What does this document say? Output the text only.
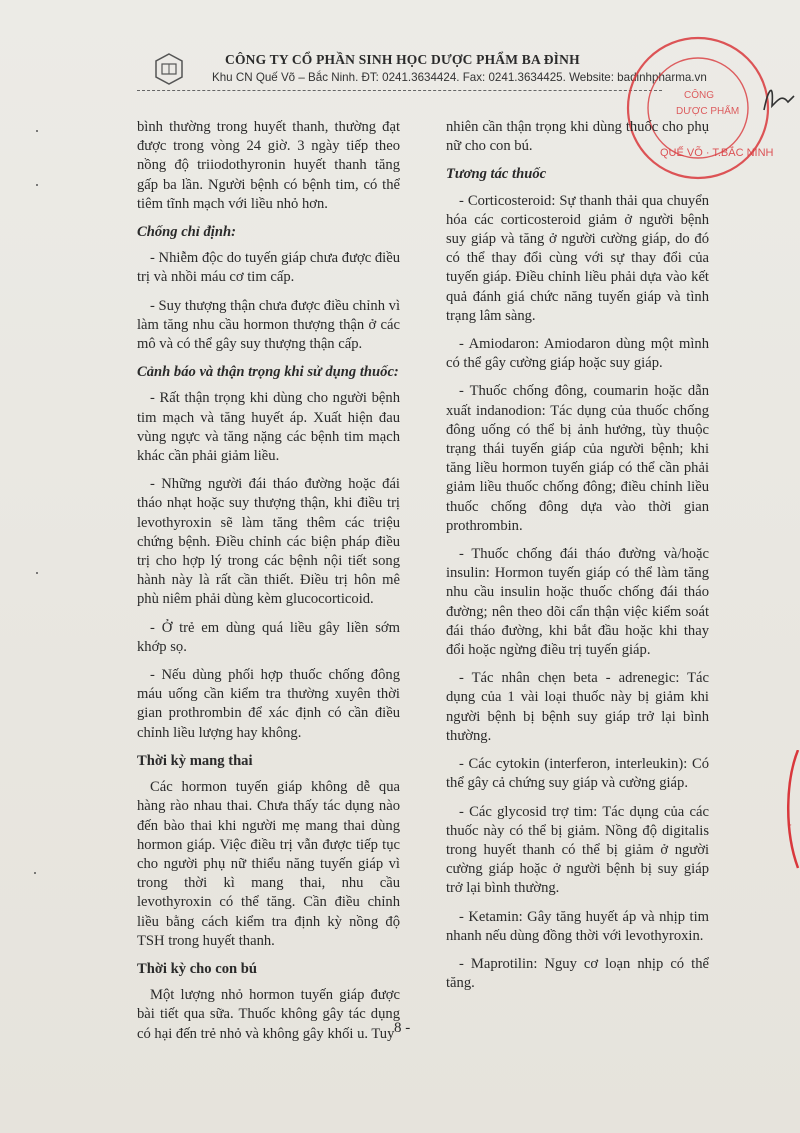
CÔNG TY CỔ PHẦN SINH HỌC DƯỢC PHẨM BA ĐÌNH
Khu CN Quế Võ – Bắc Ninh. ĐT: 0241.3634424. Fax: 0241.3634425. Website: badinhpharma.vn
CÔNG
DƯỢC PHẨM
QUẾ VÕ · T.BẮC NINH
r

bình thường trong huyết thanh, thường đạt được trong vòng 24 giờ. 3 ngày tiếp theo nồng độ triiodothyronin huyết thanh tăng gấp ba lần. Người bệnh có bệnh tim, có thể tiêm tĩnh mạch với liều nhỏ hơn.

Chống chỉ định:

- Nhiễm độc do tuyến giáp chưa được điều trị và nhồi máu cơ tim cấp.

- Suy thượng thận chưa được điều chỉnh vì làm tăng nhu cầu hormon thượng thận ở các mô và có thể gây suy thượng thận cấp.

Cảnh báo và thận trọng khi sử dụng thuốc:

- Rất thận trọng khi dùng cho người bệnh tim mạch và tăng huyết áp. Xuất hiện đau vùng ngực và tăng nặng các bệnh tim mạch khác cần phải giảm liều.

- Những người đái tháo đường hoặc đái tháo nhạt hoặc suy thượng thận, khi điều trị levothyroxin sẽ làm tăng thêm các triệu chứng bệnh. Điều chỉnh các biện pháp điều trị cho hợp lý trong các bệnh nội tiết song hành này là rất cần thiết. Điều trị hôn mê phù niêm phải dùng kèm glucocorticoid.

- Ở trẻ em dùng quá liều gây liền sớm khớp sọ.

- Nếu dùng phối hợp thuốc chống đông máu uống cần kiểm tra thường xuyên thời gian prothrombin để xác định có cần điều chỉnh liều lượng hay không.

Thời kỳ mang thai

Các hormon tuyến giáp không dễ qua hàng rào nhau thai. Chưa thấy tác dụng nào đến bào thai khi người mẹ mang thai dùng hormon giáp. Việc điều trị vẫn được tiếp tục cho người phụ nữ thiểu năng tuyến giáp vì trong thời kì mang thai, nhu cầu levothyroxin có thể tăng. Cần điều chỉnh liều bằng cách kiểm tra định kỳ nồng độ TSH trong huyết thanh.

Thời kỳ cho con bú

Một lượng nhỏ hormon tuyến giáp được bài tiết qua sữa. Thuốc không gây tác dụng có hại đến trẻ nhỏ và không gây khối u. Tuy

nhiên cần thận trọng khi dùng thuốc cho phụ nữ cho con bú.

Tương tác thuốc

- Corticosteroid: Sự thanh thải qua chuyển hóa các corticosteroid giảm ở người bệnh suy giáp và tăng ở người cường giáp, do đó có thể thay đổi cùng với sự thay đổi của tuyến giáp. Điều chỉnh liều phải dựa vào kết quả đánh giá chức năng tuyến giáp và tình trạng lâm sàng.

- Amiodaron: Amiodaron dùng một mình có thể gây cường giáp hoặc suy giáp.

- Thuốc chống đông, coumarin hoặc dẫn xuất indanodion: Tác dụng của thuốc chống đông uống có thể bị ảnh hưởng, tùy thuộc trạng thái tuyến giáp của người bệnh; khi tăng liều hormon tuyến giáp có thể cần phải giảm liều thuốc chống đông; điều chỉnh liều thuốc chống đông dựa vào thời gian prothrombin.

- Thuốc chống đái tháo đường và/hoặc insulin: Hormon tuyến giáp có thể làm tăng nhu cầu insulin hoặc thuốc chống đái tháo đường; nên theo dõi cẩn thận việc kiểm soát đái tháo đường, khi bắt đầu hoặc khi thay đổi hoặc ngừng điều trị tuyến giáp.

- Tác nhân chẹn beta - adrenegic: Tác dụng của 1 vài loại thuốc này bị giảm khi người bệnh bị bệnh suy giáp trở lại bình thường.

- Các cytokin (interferon, interleukin): Có thể gây cả chứng suy giáp và cường giáp.

- Các glycosid trợ tim: Tác dụng của các thuốc này có thể bị giảm. Nồng độ digitalis trong huyết thanh có thể bị giảm ở người cường giáp hoặc ở người bệnh bị suy giáp trở lại bình thường.

- Ketamin: Gây tăng huyết áp và nhịp tim nhanh nếu dùng đồng thời với levothyroxin.

- Maprotilin: Nguy cơ loạn nhịp có thể tăng.

8 -
